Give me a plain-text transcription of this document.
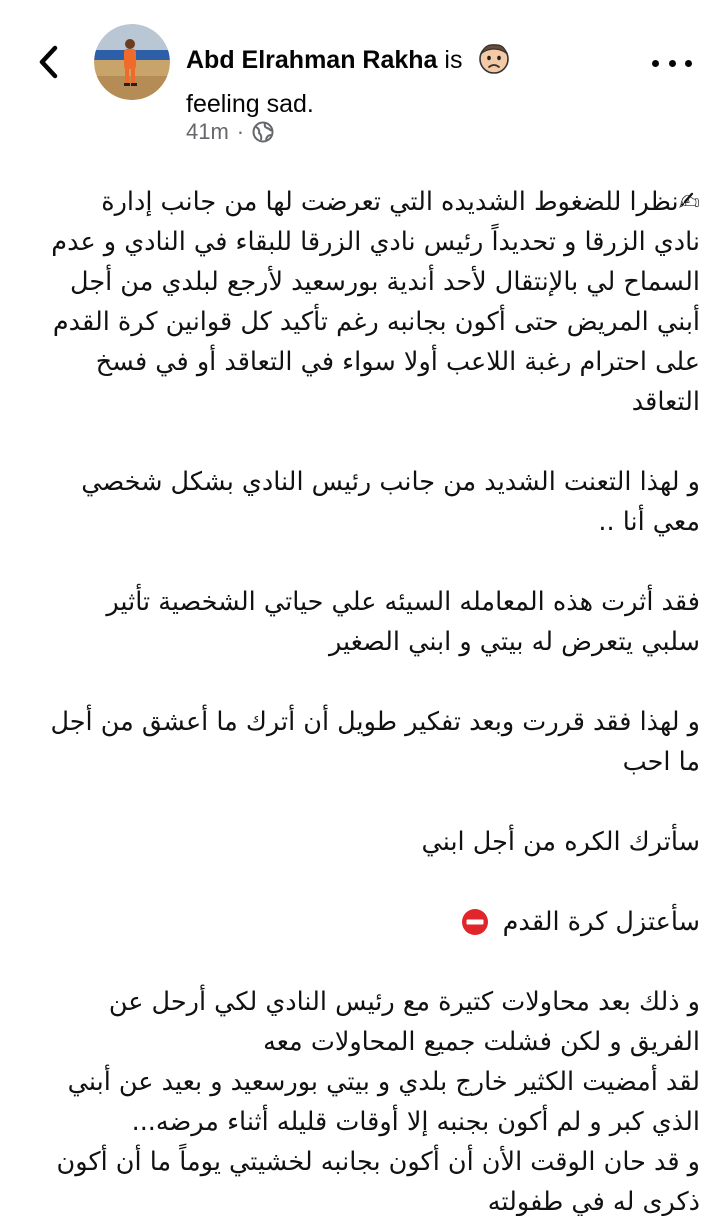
Abd Elrahman Rakha is
feeling sad.
41m ·
✍نظرا للضغوط الشديده التي تعرضت لها من جانب إدارة
نادي الزرقا و تحديداً رئيس نادي الزرقا للبقاء في النادي و عدم
السماح لي بالإنتقال لأحد أندية بورسعيد لأرجع لبلدي من أجل
أبني المريض حتى أكون بجانبه رغم تأكيد كل قوانين كرة القدم
على احترام رغبة اللاعب أولا سواء في التعاقد أو في فسخ
التعاقد
و لهذا التعنت الشديد من جانب رئيس النادي بشكل شخصي
معي أنا ..
فقد أثرت هذه المعامله السيئه علي حياتي الشخصية تأثير
سلبي يتعرض له بيتي و ابني الصغير
و لهذا فقد قررت وبعد تفكير طويل أن أترك ما أعشق من أجل
ما احب
سأترك الكره من أجل ابني
سأعتزل كرة القدم
و ذلك بعد محاولات كتيرة مع رئيس النادي لكي أرحل عن
الفريق و لكن فشلت جميع المحاولات معه
لقد أمضيت الكثير خارج بلدي و بيتي بورسعيد و بعيد عن أبني
الذي كبر و لم أكون بجنبه إلا أوقات قليله أثناء مرضه...
و قد حان الوقت الأن أن أكون بجانبه لخشيتي يوماً ما أن أكون
ذكرى له في طفولته
